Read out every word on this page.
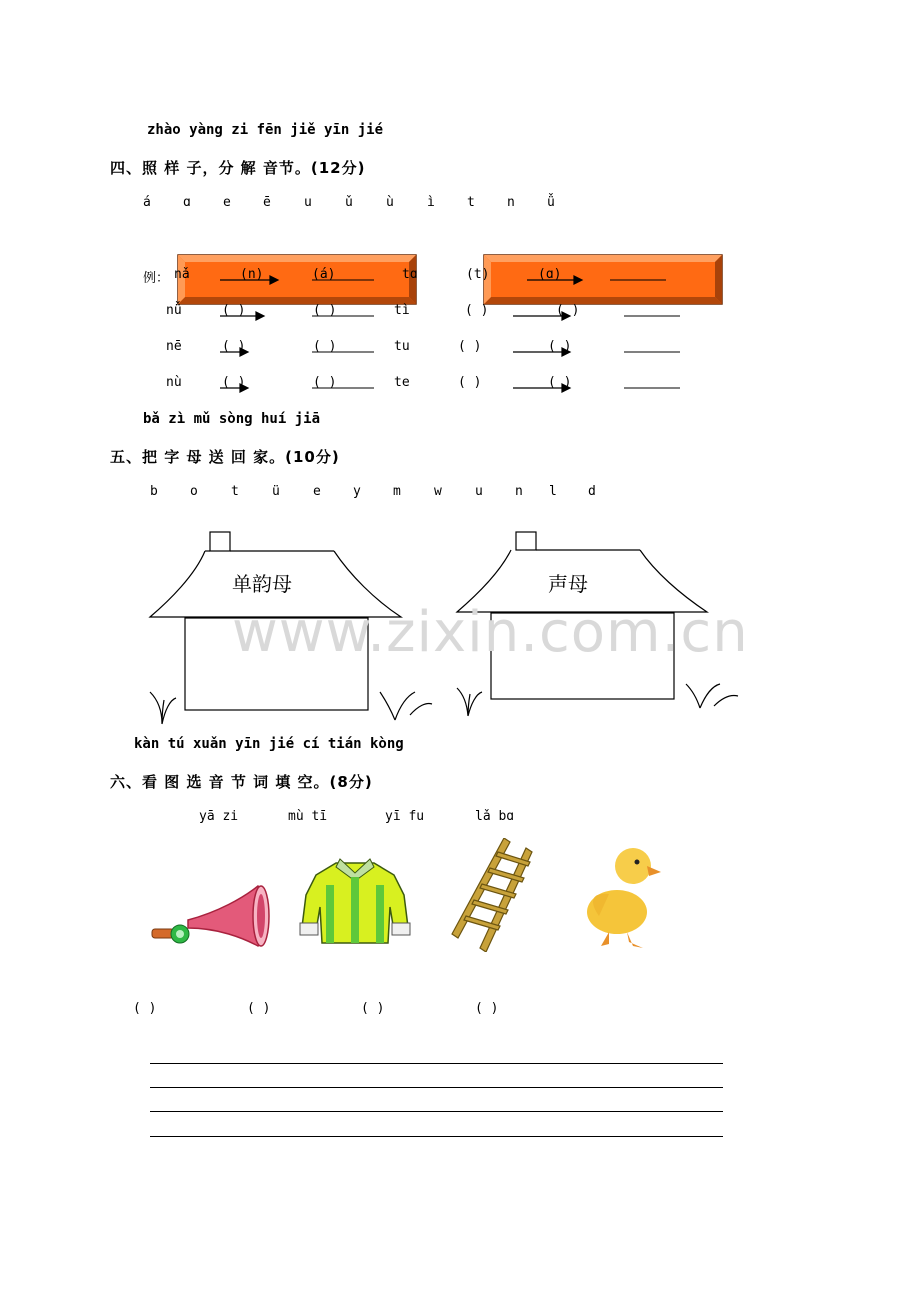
zhào yàng zi fēn jiě yīn jié
四、照 样 子，分 解 音节。(12分)
á ɑ e ē	u	ǔ	ù	ì t n ǚ
例： nǎ	(n)	(á)	tɑ	(t)	(ɑ)
nǚ	( )	( )	tì	( )	( )
nē	( )	( )	tu	( )	( )
nù	( )	( )	te	( )	( )
bǎ zì mǔ sòng huí jiā
五、把 字 母 送 回 家。(10分)
b o	t	ü	e y m	w	u n l d
单韵母	声母
www.zixin.com.cn
kàn tú xuǎn yīn jié cí tián kòng
六、看 图 选 音 节 词 填 空。(8分)
yā zi	mù tī	yī fu	lǎ bɑ
( )	( )	( )	( )
